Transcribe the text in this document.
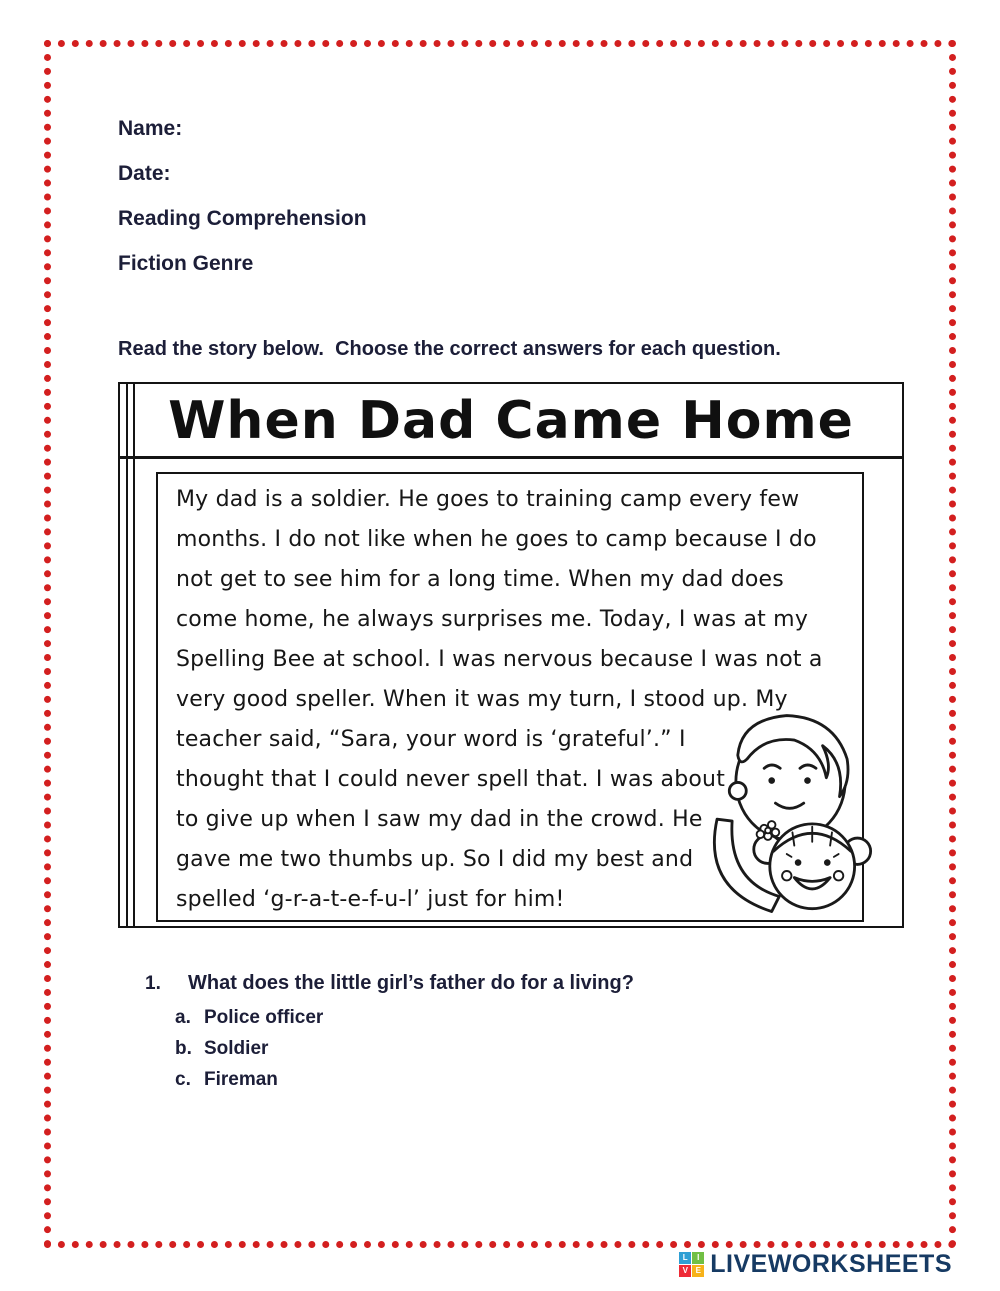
Name:
Date:
Reading Comprehension
Fiction Genre
Read the story below.  Choose the correct answers for each question.
When Dad Came Home
My dad is a soldier. He goes to training camp every few
months. I do not like when he goes to camp because I do
not get to see him for a long time. When my dad does
come home, he always surprises me. Today, I was at my
Spelling Bee at school. I was nervous because I was not a
very good speller. When it was my turn, I stood up. My
teacher said, “Sara, your word is ‘grateful’.” I
thought that I could never spell that. I was about
to give up when I saw my dad in the crowd. He
gave me two thumbs up. So I did my best and
spelled ‘g-r-a-t-e-f-u-l’ just for him!
1.	What does the little girl’s father do for a living?
a. Police officer
b. Soldier
c. Fireman
L	I
V E LIVEWORKSHEETS
